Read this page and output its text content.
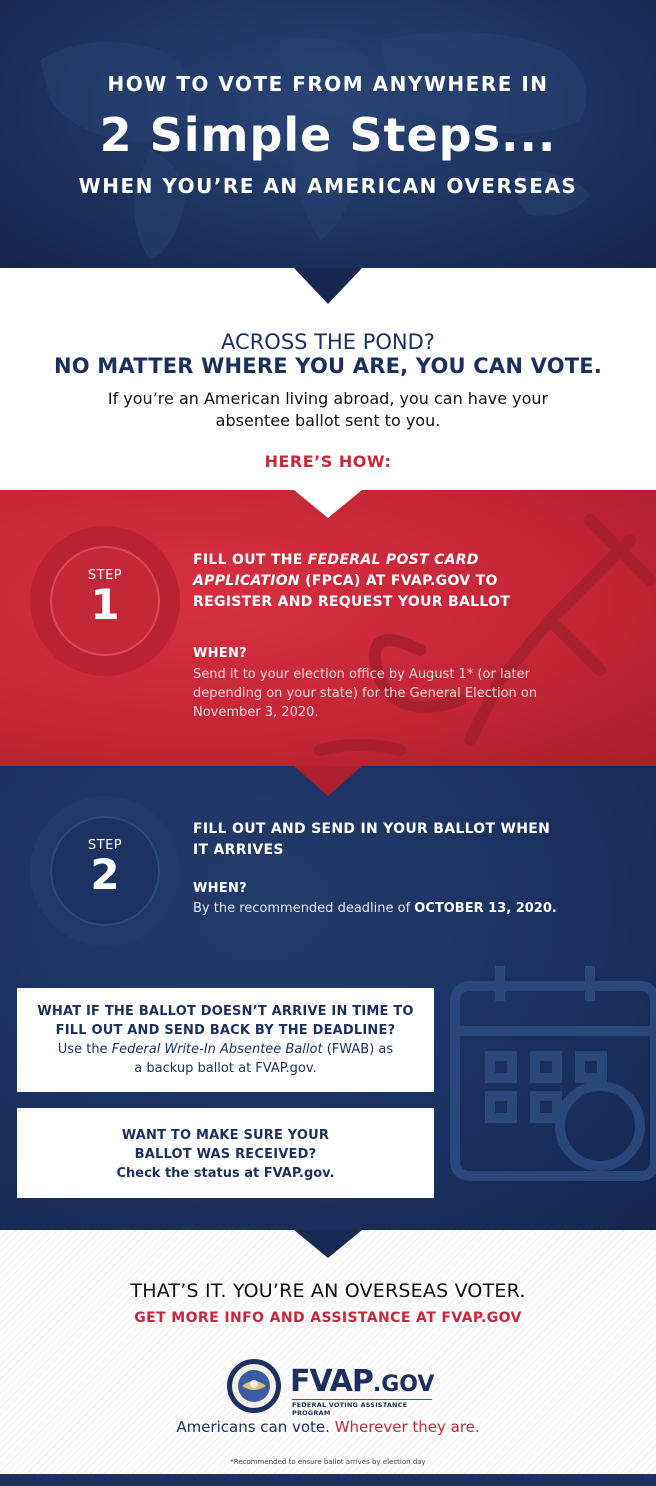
HOW TO VOTE FROM ANYWHERE IN
2 Simple Steps...
WHEN YOU’RE AN AMERICAN OVERSEAS
ACROSS THE POND?
NO MATTER WHERE YOU ARE, YOU CAN VOTE.
If you’re an American living abroad, you can have your absentee ballot sent to you.
HERE’S HOW:
STEP
1
FILL OUT THE FEDERAL POST CARD APPLICATION (FPCA) AT FVAP.GOV TO REGISTER AND REQUEST YOUR BALLOT
WHEN?
Send it to your election office by August 1* (or later depending on your state) for the General Election on November 3, 2020.
STEP
2
FILL OUT AND SEND IN YOUR BALLOT WHEN IT ARRIVES
WHEN?
By the recommended deadline of OCTOBER 13, 2020.
WHAT IF THE BALLOT DOESN’T ARRIVE IN TIME TO FILL OUT AND SEND BACK BY THE DEADLINE?
Use the Federal Write-In Absentee Ballot (FWAB) as a backup ballot at FVAP.gov.
WANT TO MAKE SURE YOUR BALLOT WAS RECEIVED?
Check the status at FVAP.gov.
THAT’S IT. YOU’RE AN OVERSEAS VOTER.
GET MORE INFO AND ASSISTANCE AT FVAP.GOV
FVAP.GOV
FEDERAL VOTING ASSISTANCE PROGRAM
Americans can vote. Wherever they are.
*Recommended to ensure ballot arrives by election day
